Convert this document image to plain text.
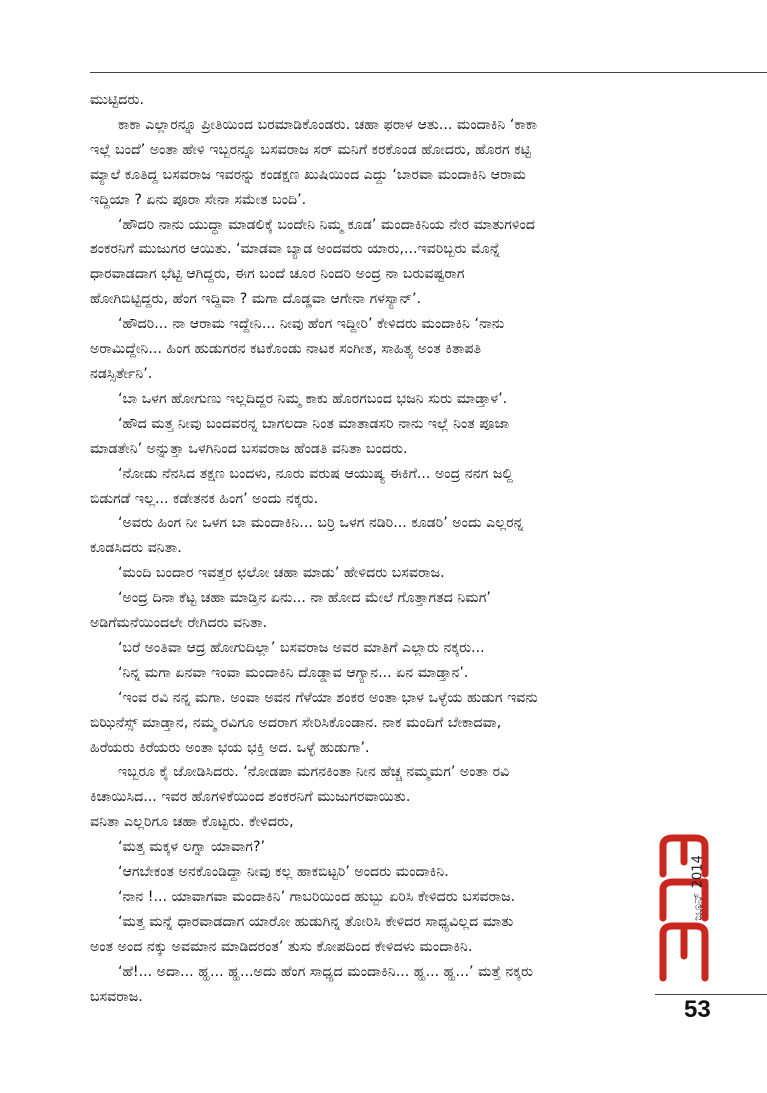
ಮುಟ್ಟಿದರು.

ಕಾಕಾ ಎಲ್ಲಾರನ್ನೂ ಪ್ರೀತಿಯಿಂದ ಬರಮಾಡಿಕೊಂಡರು. ಚಹಾ ಫರಾಳ ಆತು... ಮಂದಾಕಿನಿ ‘ಕಾಕಾ

ಇಲ್ಲೆ ಬಂದೆ’ ಅಂತಾ ಹೇಳಿ ಇಬ್ಬರನ್ನೂ ಬಸವರಾಜ ಸರ್ ಮನಿಗೆ ಕರಕೊಂಡ ಹೋದರು, ಹೊರಗ ಕಟ್ಟಿ

ಮ್ಯಾಲೆ ಕೂತಿದ್ದ ಬಸವರಾಜ ಇವರನ್ನು ಕಂಡಕ್ಷಣ ಖುಷಿಯಿಂದ ಎದ್ದು ‘ಬಾರವಾ ಮಂದಾಕಿನಿ ಆರಾಮ

ಇದ್ದಿಯಾ ? ಏನು ಪೂರಾ ಸೇನಾ ಸಮೇತ ಬಂದಿ’.

‘ಹೌದರಿ ನಾನು ಯುದ್ಧಾ ಮಾಡಲಿಕ್ಕೆ ಬಂದೇನಿ ನಿಮ್ಮ ಕೂಡ’ ಮಂದಾಕಿನಿಯ ನೇರ ಮಾತುಗಳಿಂದ

ಶಂಕರನಿಗೆ ಮುಜುಗರ ಆಯಿತು. ‘ಮಾಡವಾ ಬ್ಯಾಡ ಅಂದವರು ಯಾರು,...ಇವರಿಬ್ಬರು ಮೊನ್ನೆ

ಧಾರವಾಡದಾಗ ಭೆಟ್ಟಿ ಆಗಿದ್ದರು, ಈಗ ಬಂದೆ ಚೂರ ನಿಂದರಿ ಅಂದ್ರ ನಾ ಬರುವಷ್ಟರಾಗ

ಹೋಗಿಬಿಟ್ಟಿದ್ದರು, ಹೆಂಗ ಇದ್ದಿವಾ ? ಮಗಾ ದೊಡ್ಡವಾ ಆಗೇನಾ ಗಳಸ್ಯಾನ್’.

‘ಹೌದರಿ... ನಾ ಆರಾಮ ಇದ್ದೇನಿ... ನೀವು ಹೆಂಗ ಇದ್ದೀರಿ’ ಕೇಳಿದರು ಮಂದಾಕಿನಿ ‘ನಾನು

ಅರಾಮಿದ್ದೇನಿ... ಹಿಂಗ ಹುಡುಗರನ ಕಟಕೊಂಡು ನಾಟಕ ಸಂಗೀತ, ಸಾಹಿತ್ಯ ಅಂತ ಕಿತಾಪತಿ

ನಡಸ್ಸಿರ್ತೇನಿ’.

‘ಬಾ ಒಳಗ ಹೋಗುಣು ಇಲ್ಲದಿದ್ದರ ನಿಮ್ಮ ಕಾಕು ಹೊರಗಬಂದ ಭಜನಿ ಸುರು ಮಾಡ್ತಾಳ’.

‘ಹೌದ ಮತ್ತ ನೀವು ಬಂದವರನ್ನ ಬಾಗಲದಾ ನಿಂತ ಮಾತಾಡಸರಿ ನಾನು ಇಲ್ಲೆ ನಿಂತ ಪೂಜಾ

ಮಾಡತೇನಿ’ ಅನ್ನುತ್ತಾ ಒಳಗಿನಿಂದ ಬಸವರಾಜ ಹೆಂಡತಿ ವನಿತಾ ಬಂದರು.

‘ನೋಡು ನೆನಸಿದ ತಕ್ಷಣ ಬಂದಳು, ನೂರು ವರುಷ ಆಯುಷ್ಯ ಈಕಿಗೆ... ಅಂದ್ರ ನನಗ ಜಲ್ದಿ

ಬಿಡುಗಡೆ ಇಲ್ಲ... ಕಡೇತನಕ ಹಿಂಗ’ ಅಂದು ನಕ್ಕರು.

‘ಅವರು ಹಿಂಗ ನೀ ಒಳಗ ಬಾ ಮಂದಾಕಿನಿ... ಬರ್ರಿ ಒಳಗ ನಡಿರಿ... ಕೂಡರಿ’ ಅಂದು ಎಲ್ಲರನ್ನ

ಕೂಡಸಿದರು ವನಿತಾ.

‘ಮಂದಿ ಬಂದಾರ ಇವತ್ತರ ಛಲೋ ಚಹಾ ಮಾಡು’ ಹೇಳಿದರು ಬಸವರಾಜ.

‘ಅಂದ್ರ ದಿನಾ ಕೆಟ್ಟ ಚಹಾ ಮಾಡ್ತಿನ ಏನು... ನಾ ಹೋದ ಮೇಲೆ ಗೊತ್ತಾಗತದ ನಿಮಗ’

ಅಡಿಗೆಮನೆಯಿಂದಲೇ ರೇಗಿದರು ವನಿತಾ.

‘ಬರೆ ಅಂತಿವಾ ಆದ್ರ ಹೋಗುದಿಲ್ಲಾ’ ಬಸವರಾಜ ಅವರ ಮಾತಿಗೆ ಎಲ್ಲಾರು ನಕ್ಕರು...

‘ನಿನ್ನ ಮಗಾ ಏನವಾ ಇಂವಾ ಮಂದಾಕಿನಿ ದೊಡ್ಡಾವ ಆಗ್ಯಾನ... ಏನ ಮಾಡ್ತಾನ’.

‘ಇಂವ ರವಿ ನನ್ನ ಮಗಾ. ಅಂವಾ ಅವನ ಗೆಳೆಯಾ ಶಂಕರ ಅಂತಾ ಭಾಳ ಒಳ್ಳೆಯ ಹುಡುಗ ಇವನು

ಬಿಝಿನೆಸ್ಸ್ ಮಾಡ್ತಾನ, ನಮ್ಮ ರವಿಗೂ ಅದರಾಗ ಸೇರಿಸಿಕೊಂಡಾನ. ನಾಕ ಮಂದಿಗೆ ಬೇಕಾದವಾ,

ಹಿರೆಯರು ಕಿರೆಯರು ಅಂತಾ ಭಯ ಭಕ್ತಿ ಅದ. ಒಳ್ಳೆ ಹುಡುಗಾ’.

ಇಬ್ಬರೂ ಕೈ ಜೋಡಿಸಿದರು. ‘ನೋಡಪಾ ಮಗನಕಿಂತಾ ನೀನ ಹೆಚ್ಚ ನಮ್ಮಮಗ’ ಅಂತಾ ರವಿ

ಕಿಚಾಯಿಸಿದ... ಇವರ ಹೊಗಳಿಕೆಯಿಂದ ಶಂಕರನಿಗೆ ಮುಜುಗರವಾಯಿತು.

ವನಿತಾ ಎಲ್ಲರಿಗೂ ಚಹಾ ಕೊಟ್ಟರು. ಕೇಳಿದರು,

‘ಮತ್ತ ಮಕ್ಕಳ ಲಗ್ನಾ ಯಾವಾಗ?’

‘ಆಗಬೇಕಂತ ಅನಕೊಂಡಿದ್ದಾ ನೀವು ಕಲ್ಲ ಹಾಕಬಿಟ್ಟರಿ’ ಅಂದರು ಮಂದಾಕಿನಿ.

‘ನಾನ !... ಯಾವಾಗವಾ ಮಂದಾಕಿನಿ’ ಗಾಬರಿಯಿಂದ ಹುಬ್ಬು ಏರಿಸಿ ಕೇಳಿದರು ಬಸವರಾಜ.

‘ಮತ್ತ ಮನ್ನೆ ಧಾರವಾಡದಾಗ ಯಾರೋ ಹುಡುಗಿನ್ನ ತೋರಿಸಿ ಕೇಳಿದರ ಸಾಧ್ಯವಿಲ್ಲದ ಮಾತು

ಅಂತ ಅಂದ ನಕ್ಕು ಅವಮಾನ ಮಾಡಿದರಂತ’ ತುಸು ಕೋಪದಿಂದ ಕೇಳಿದಳು ಮಂದಾಕಿನಿ.

‘ಹೆ!... ಅದಾ... ಹ್ಹ... ಹ್ಹ...ಅದು ಹೆಂಗ ಸಾಧ್ಯದ ಮಂದಾಕಿನಿ... ಹ್ಹ... ಹ್ಹ...’ ಮತ್ತೆ ನಕ್ಕರು

ಬಸವರಾಜ.

ಜೂನ್ 2014
53
